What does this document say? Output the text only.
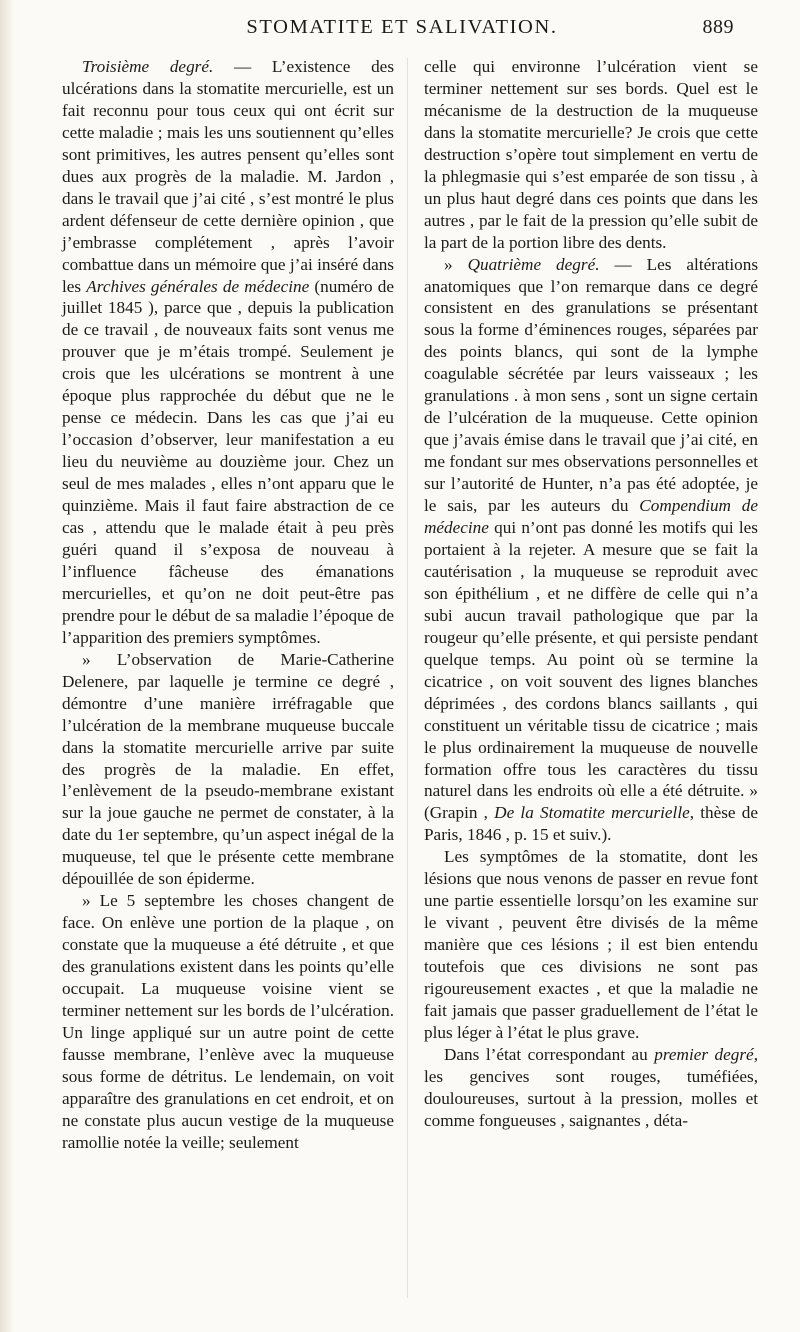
STOMATITE ET SALIVATION.	889

Troisième degré. — L’existence des ulcérations dans la stomatite mercurielle, est un fait reconnu pour tous ceux qui ont écrit sur cette maladie ; mais les uns soutiennent qu’elles sont primitives, les autres pensent qu’elles sont dues aux progrès de la maladie. M. Jardon , dans le travail que j’ai cité , s’est montré le plus ardent défenseur de cette dernière opinion , que j’embrasse complétement , après l’avoir combattue dans un mémoire que j’ai inséré dans les Archives générales de médecine (numéro de juillet 1845 ), parce que , depuis la publication de ce travail , de nouveaux faits sont venus me prouver que je m’étais trompé. Seulement je crois que les ulcérations se montrent à une époque plus rapprochée du début que ne le pense ce médecin. Dans les cas que j’ai eu l’occasion d’observer, leur manifestation a eu lieu du neuvième au douzième jour. Chez un seul de mes malades , elles n’ont apparu que le quinzième. Mais il faut faire abstraction de ce cas , attendu que le malade était à peu près guéri quand il s’exposa de nouveau à l’influence fâcheuse des émanations mercurielles, et qu’on ne doit peut-être pas prendre pour le début de sa maladie l’époque de l’apparition des premiers symptômes.

» L’observation de Marie-Catherine Delenere, par laquelle je termine ce degré , démontre d’une manière irréfragable que l’ulcération de la membrane muqueuse buccale dans la stomatite mercurielle arrive par suite des progrès de la maladie. En effet, l’enlèvement de la pseudo-membrane existant sur la joue gauche ne permet de constater, à la date du 1er septembre, qu’un aspect inégal de la muqueuse, tel que le présente cette membrane dépouillée de son épiderme.

» Le 5 septembre les choses changent de face. On enlève une portion de la plaque , on constate que la muqueuse a été détruite , et que des granulations existent dans les points qu’elle occupait. La muqueuse voisine vient se terminer nettement sur les bords de l’ulcération. Un linge appliqué sur un autre point de cette fausse membrane, l’enlève avec la muqueuse sous forme de détritus. Le lendemain, on voit apparaître des granulations en cet endroit, et on ne constate plus aucun vestige de la muqueuse ramollie notée la veille; seulement

celle qui environne l’ulcération vient se terminer nettement sur ses bords. Quel est le mécanisme de la destruction de la muqueuse dans la stomatite mercurielle? Je crois que cette destruction s’opère tout simplement en vertu de la phlegmasie qui s’est emparée de son tissu , à un plus haut degré dans ces points que dans les autres , par le fait de la pression qu’elle subit de la part de la portion libre des dents.

» Quatrième degré. — Les altérations anatomiques que l’on remarque dans ce degré consistent en des granulations se présentant sous la forme d’éminences rouges, séparées par des points blancs, qui sont de la lymphe coagulable sécrétée par leurs vaisseaux ; les granulations . à mon sens , sont un signe certain de l’ulcération de la muqueuse. Cette opinion que j’avais émise dans le travail que j’ai cité, en me fondant sur mes observations personnelles et sur l’autorité de Hunter, n’a pas été adoptée, je le sais, par les auteurs du Compendium de médecine qui n’ont pas donné les motifs qui les portaient à la rejeter. A mesure que se fait la cautérisation , la muqueuse se reproduit avec son épithélium , et ne diffère de celle qui n’a subi aucun travail pathologique que par la rougeur qu’elle présente, et qui persiste pendant quelque temps. Au point où se termine la cicatrice , on voit souvent des lignes blanches déprimées , des cordons blancs saillants , qui constituent un véritable tissu de cicatrice ; mais le plus ordinairement la muqueuse de nouvelle formation offre tous les caractères du tissu naturel dans les endroits où elle a été détruite. » (Grapin , De la Stomatite mercurielle, thèse de Paris, 1846 , p. 15 et suiv.).

Les symptômes de la stomatite, dont les lésions que nous venons de passer en revue font une partie essentielle lorsqu’on les examine sur le vivant , peuvent être divisés de la même manière que ces lésions ; il est bien entendu toutefois que ces divisions ne sont pas rigoureusement exactes , et que la maladie ne fait jamais que passer graduellement de l’état le plus léger à l’état le plus grave.

Dans l’état correspondant au premier degré, les gencives sont rouges, tuméfiées, douloureuses, surtout à la pression, molles et comme fongueuses , saignantes , déta-
